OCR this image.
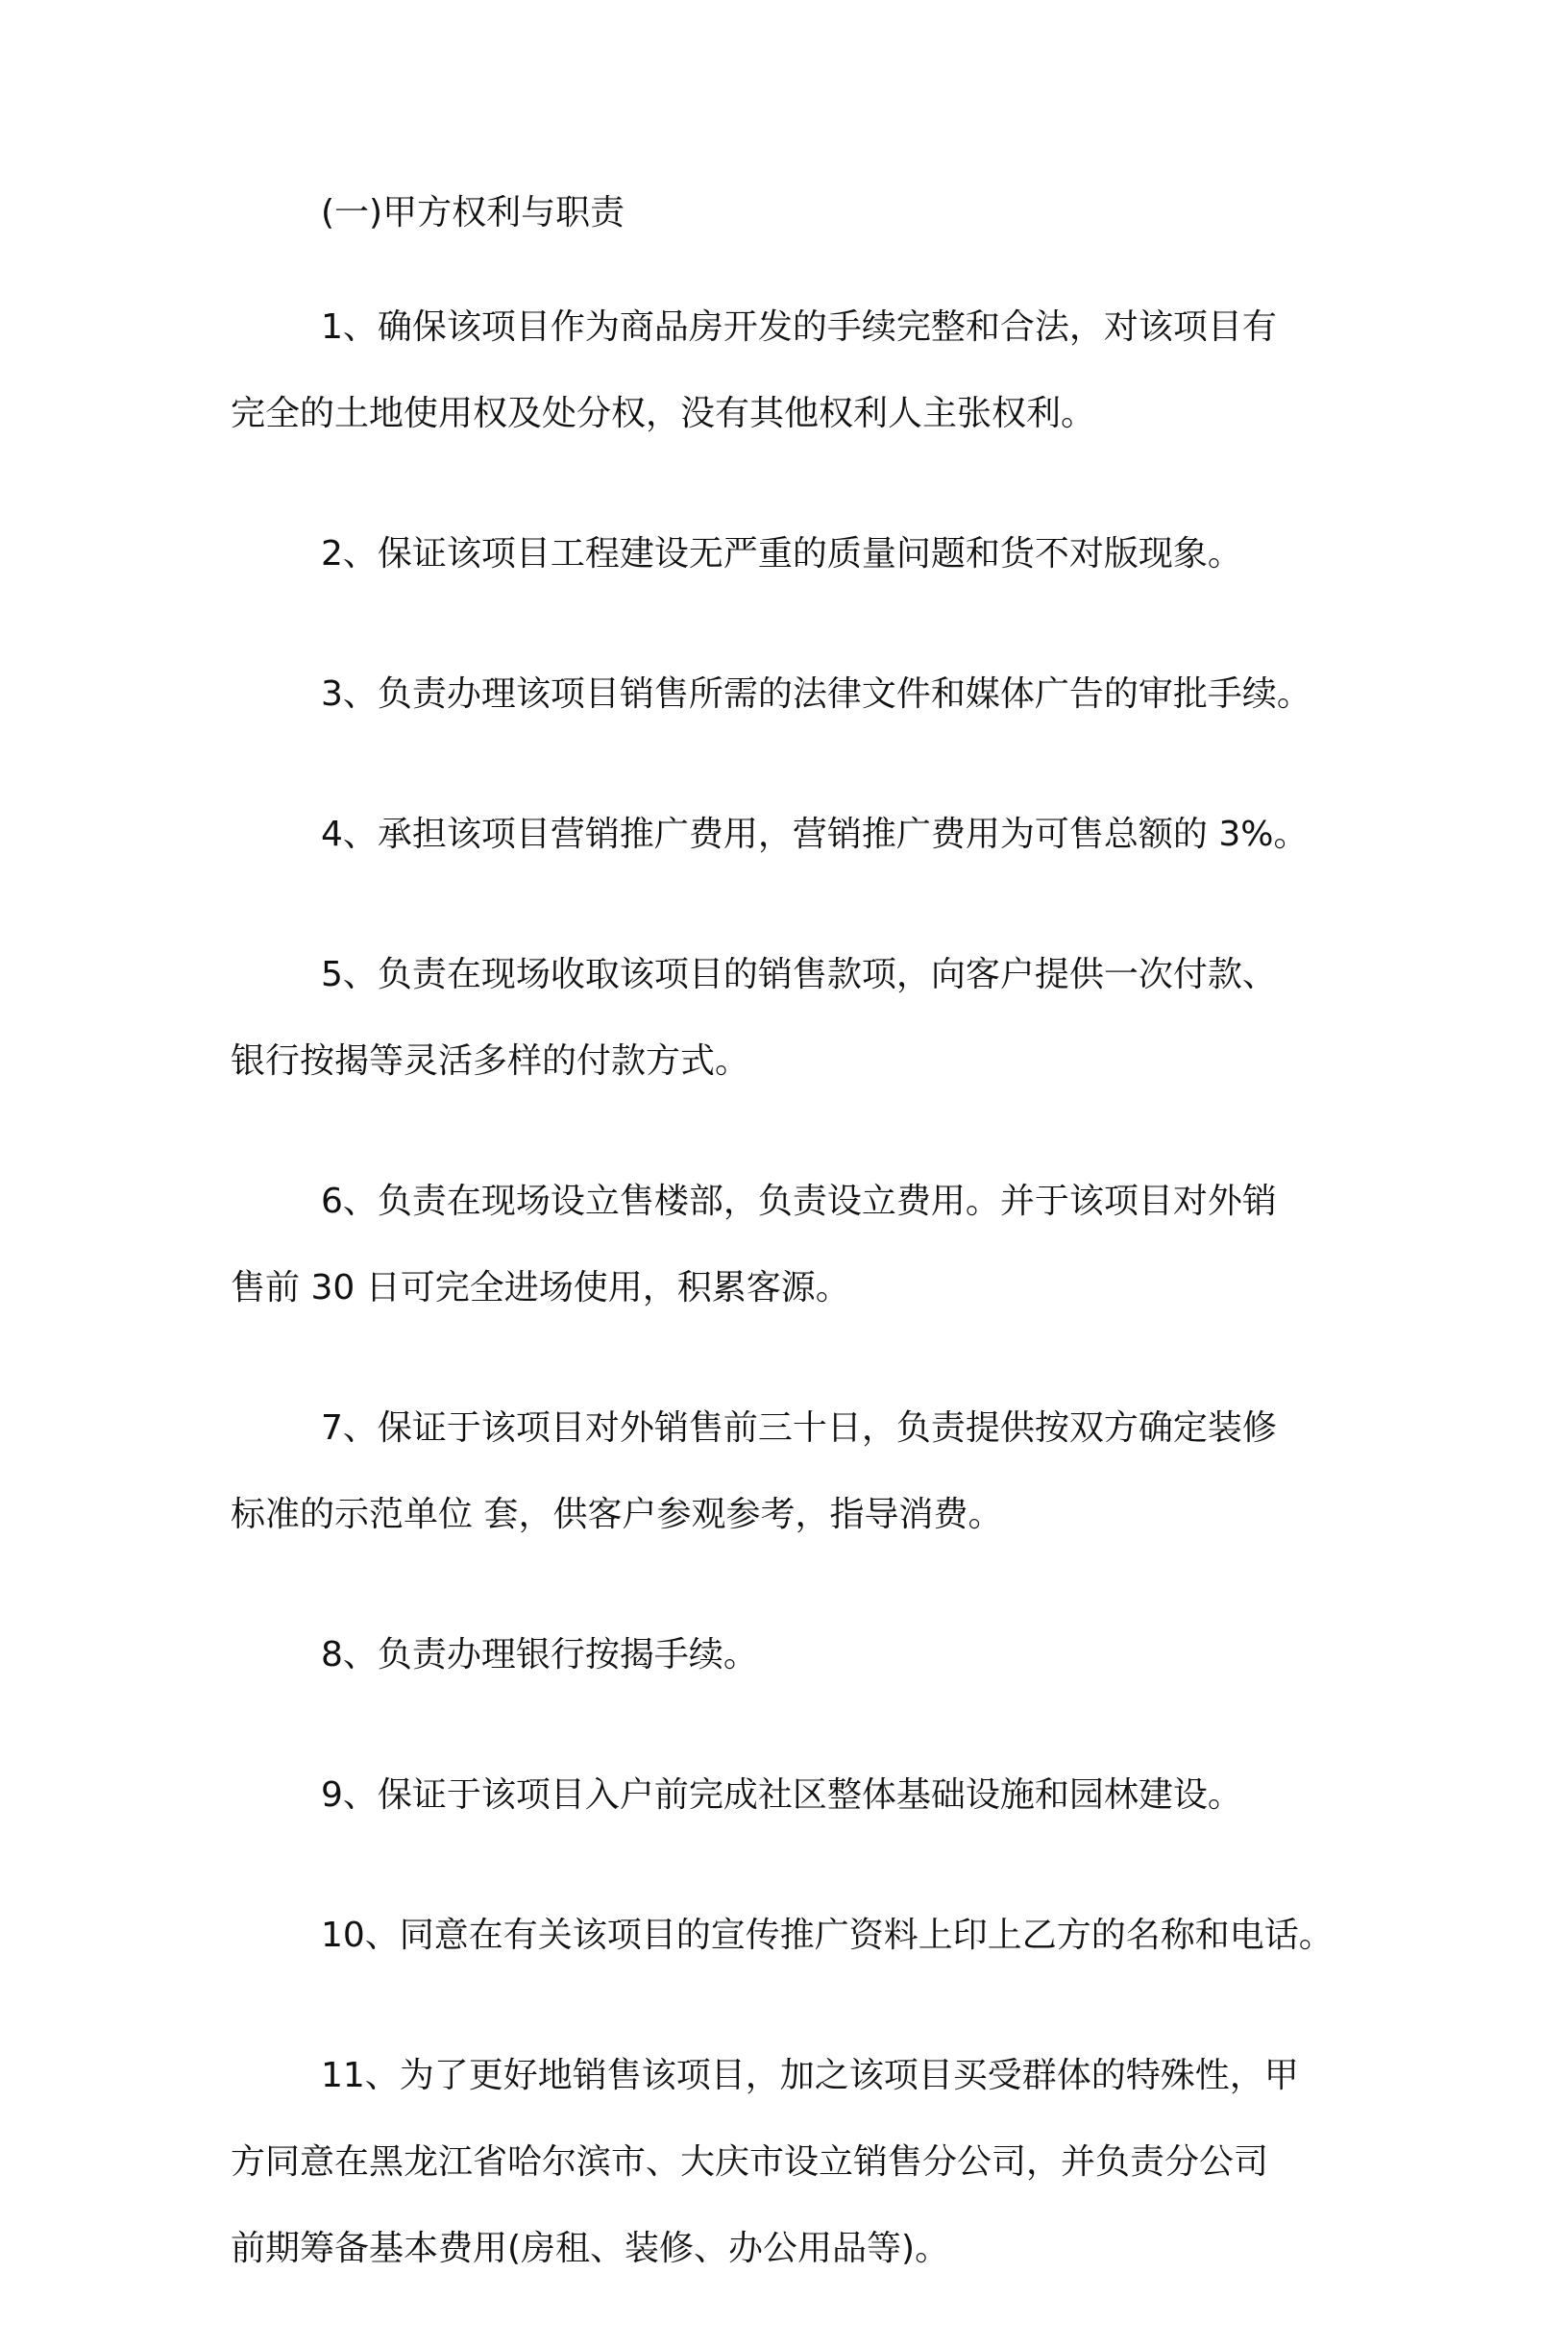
(一)甲方权利与职责
1、确保该项目作为商品房开发的手续完整和合法，对该项目有
完全的土地使用权及处分权，没有其他权利人主张权利。
2、保证该项目工程建设无严重的质量问题和货不对版现象。
3、负责办理该项目销售所需的法律文件和媒体广告的审批手续。
4、承担该项目营销推广费用，营销推广费用为可售总额的 3%。
5、负责在现场收取该项目的销售款项，向客户提供一次付款、
银行按揭等灵活多样的付款方式。
6、负责在现场设立售楼部，负责设立费用。并于该项目对外销
售前 30 日可完全进场使用，积累客源。
7、保证于该项目对外销售前三十日，负责提供按双方确定装修
标准的示范单位 套，供客户参观参考，指导消费。
8、负责办理银行按揭手续。
9、保证于该项目入户前完成社区整体基础设施和园林建设。
10、同意在有关该项目的宣传推广资料上印上乙方的名称和电话。
11、为了更好地销售该项目，加之该项目买受群体的特殊性，甲
方同意在黑龙江省哈尔滨市、大庆市设立销售分公司，并负责分公司
前期筹备基本费用(房租、装修、办公用品等)。
